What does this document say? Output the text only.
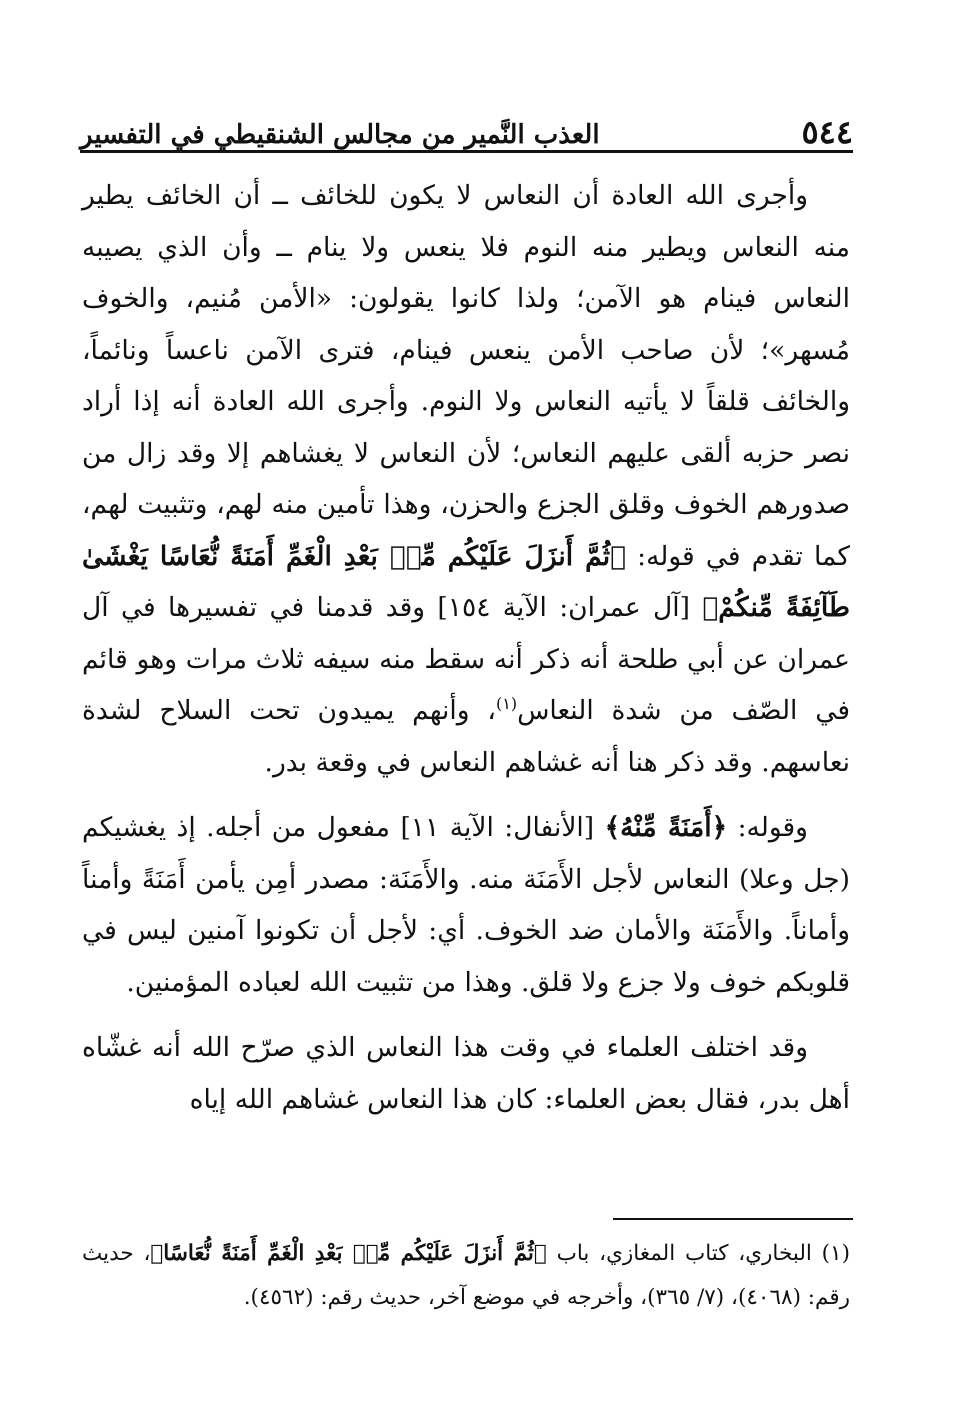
٥٤٤
العذب النَّمير من مجالس الشنقيطي في التفسير

وأجرى الله العادة أن النعاس لا يكون للخائف ــ أن الخائف يطير منه النعاس ويطير منه النوم فلا ينعس ولا ينام ــ وأن الذي يصيبه النعاس فينام هو الآمن؛ ولذا كانوا يقولون: «الأمن مُنيم، والخوف مُسهر»؛ لأن صاحب الأمن ينعس فينام، فترى الآمن ناعساً ونائماً، والخائف قلقاً لا يأتيه النعاس ولا النوم. وأجرى الله العادة أنه إذا أراد نصر حزبه ألقى عليهم النعاس؛ لأن النعاس لا يغشاهم إلا وقد زال من صدورهم الخوف وقلق الجزع والحزن، وهذا تأمين منه لهم، وتثبيت لهم، كما تقدم في قوله: ﴿ثُمَّ أَنزَلَ عَلَيْكُم مِّنۢ بَعْدِ الْغَمِّ أَمَنَةً نُّعَاسًا يَغْشَىٰ طَآئِفَةً مِّنكُمْ﴾ [آل عمران: الآية ١٥٤] وقد قدمنا في تفسيرها في آل عمران عن أبي طلحة أنه ذكر أنه سقط منه سيفه ثلاث مرات وهو قائم في الصّف من شدة النعاس$^{(١)}$، وأنهم يميدون تحت السلاح لشدة نعاسهم. وقد ذكر هنا أنه غشاهم النعاس في وقعة بدر.

وقوله: ﴿أَمَنَةً مِّنْهُ﴾ [الأنفال: الآية ١١] مفعول من أجله. إذ يغشيكم (جل وعلا) النعاس لأجل الأَمَنَة منه. والأَمَنَة: مصدر أمِن يأمن أَمَنَةً وأمناً وأماناً. والأَمَنَة والأمان ضد الخوف. أي: لأجل أن تكونوا آمنين ليس في قلوبكم خوف ولا جزع ولا قلق. وهذا من تثبيت الله لعباده المؤمنين.

وقد اختلف العلماء في وقت هذا النعاس الذي صرّح الله أنه غشّاه أهل بدر، فقال بعض العلماء: كان هذا النعاس غشاهم الله إياه

(١) البخاري، كتاب المغازي، باب ﴿ثُمَّ أَنزَلَ عَلَيْكُم مِّنۢ بَعْدِ الْغَمِّ أَمَنَةً نُّعَاسًا﴾، حديث رقم: (٤٠٦٨)، (٧/ ٣٦٥)، وأخرجه في موضع آخر، حديث رقم: (٤٥٦٢).
